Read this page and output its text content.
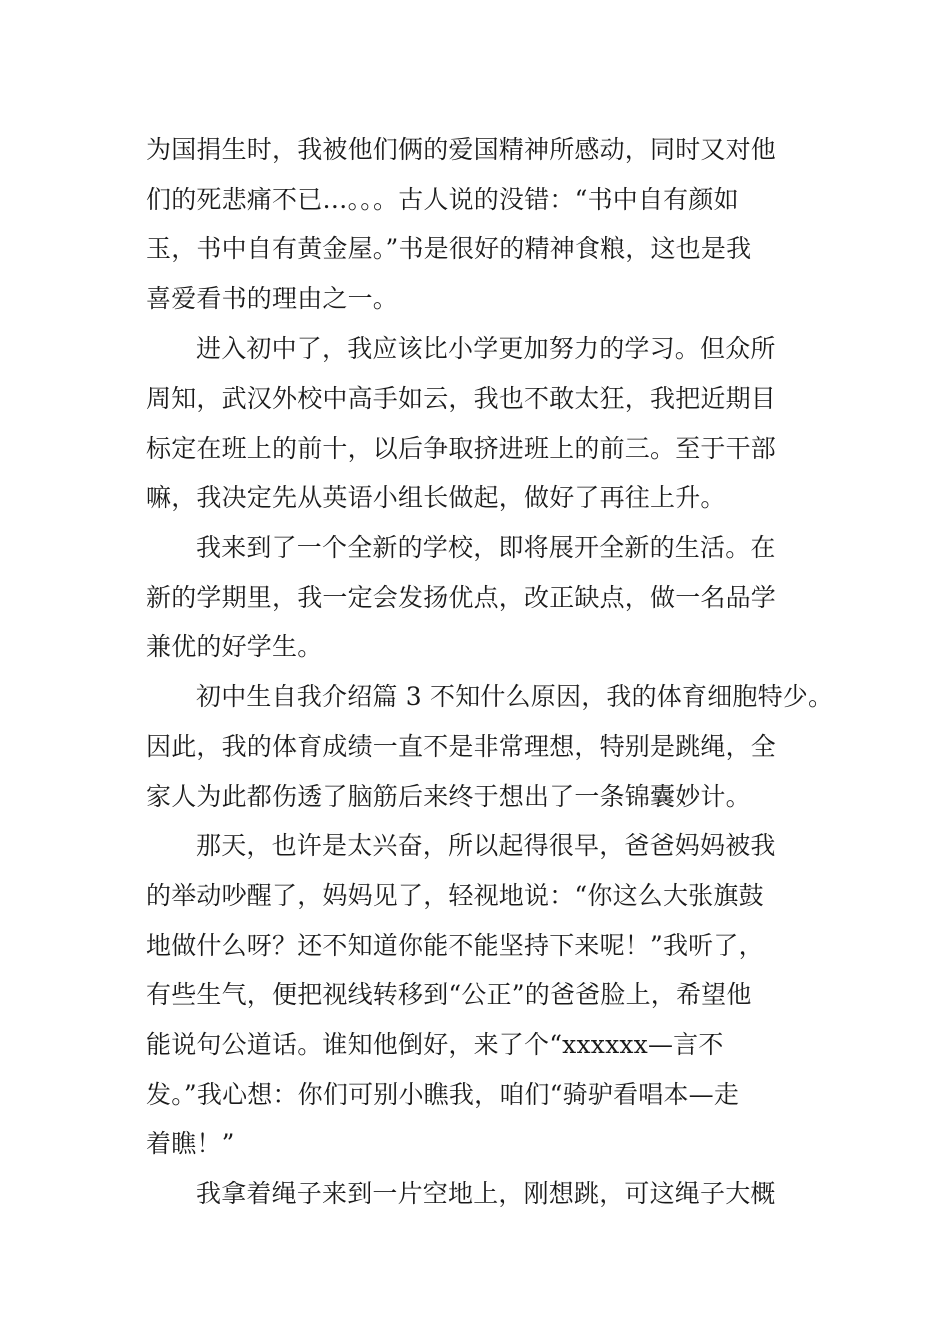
为国捐生时，我被他们俩的爱国精神所感动，同时又对他
们的死悲痛不已…。。。古人说的没错：“书中自有颜如
玉，书中自有黄金屋。”书是很好的精神食粮，这也是我
喜爱看书的理由之一。
进入初中了，我应该比小学更加努力的学习。但众所
周知，武汉外校中高手如云，我也不敢太狂，我把近期目
标定在班上的前十，以后争取挤进班上的前三。至于干部
嘛，我决定先从英语小组长做起，做好了再往上升。
我来到了一个全新的学校，即将展开全新的生活。在
新的学期里，我一定会发扬优点，改正缺点，做一名品学
兼优的好学生。
初中生自我介绍篇 3 不知什么原因，我的体育细胞特少。
因此，我的体育成绩一直不是非常理想，特别是跳绳，全
家人为此都伤透了脑筋后来终于想出了一条锦囊妙计。
那天，也许是太兴奋，所以起得很早，爸爸妈妈被我
的举动吵醒了，妈妈见了，轻视地说：“你这么大张旗鼓
地做什么呀？还不知道你能不能坚持下来呢！”我听了，
有些生气，便把视线转移到“公正”的爸爸脸上，希望他
能说句公道话。谁知他倒好，来了个“xxxxxx—言不
发。”我心想：你们可别小瞧我，咱们“骑驴看唱本—走
着瞧！”
我拿着绳子来到一片空地上，刚想跳，可这绳子大概
